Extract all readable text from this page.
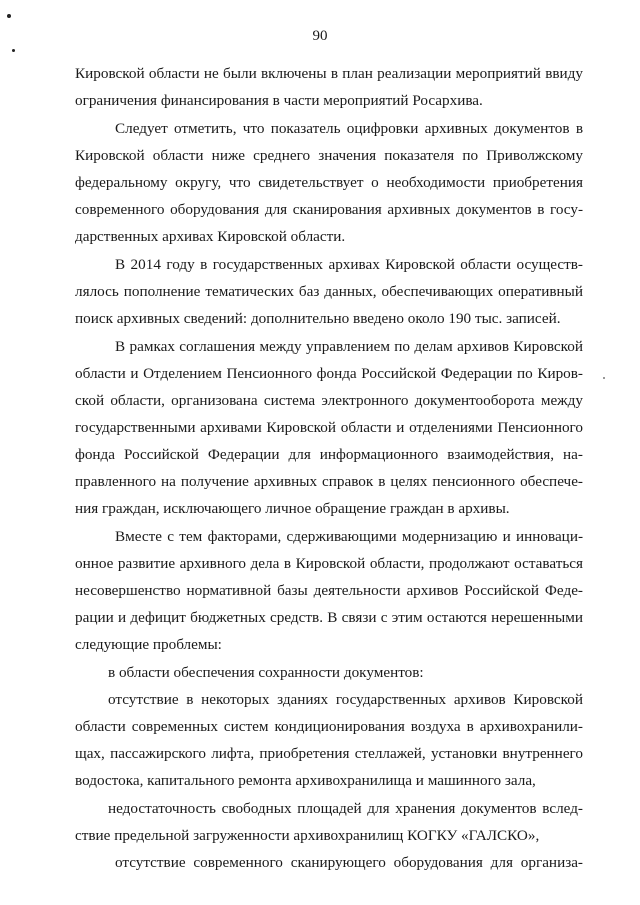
90
Кировской области не были включены в план реализации мероприятий ввиду
ограничения финансирования в части мероприятий Росархива.
Следует отметить, что показатель оцифровки архивных документов в
Кировской области ниже среднего значения показателя по Приволжскому
федеральному округу, что свидетельствует о необходимости приобретения
современного оборудования для сканирования архивных документов в госу-
дарственных архивах Кировской области.
В 2014 году в государственных архивах Кировской области осуществ-
лялось пополнение тематических баз данных, обеспечивающих оперативный
поиск архивных сведений: дополнительно введено около 190 тыс. записей.
В рамках соглашения между управлением по делам архивов Кировской
области и Отделением Пенсионного фонда Российской Федерации по Киров-
ской области, организована система электронного документооборота между
государственными архивами Кировской области и отделениями Пенсионного
фонда Российской Федерации для информационного взаимодействия, на-
правленного на получение архивных справок в целях пенсионного обеспече-
ния граждан, исключающего личное обращение граждан в архивы.
Вместе с тем факторами, сдерживающими модернизацию и инноваци-
онное развитие архивного дела в Кировской области, продолжают оставаться
несовершенство нормативной базы деятельности архивов Российской Феде-
рации и дефицит бюджетных средств. В связи с этим остаются нерешенными
следующие проблемы:
в области обеспечения сохранности документов:
отсутствие в некоторых зданиях государственных архивов Кировской
области современных систем кондиционирования воздуха в архивохранили-
щах, пассажирского лифта, приобретения стеллажей, установки внутреннего
водостока, капитального ремонта архивохранилища и машинного зала,
недостаточность свободных площадей для хранения документов вслед-
ствие предельной загруженности архивохранилищ КОГКУ «ГАЛСКО»,
отсутствие современного сканирующего оборудования для организа-
